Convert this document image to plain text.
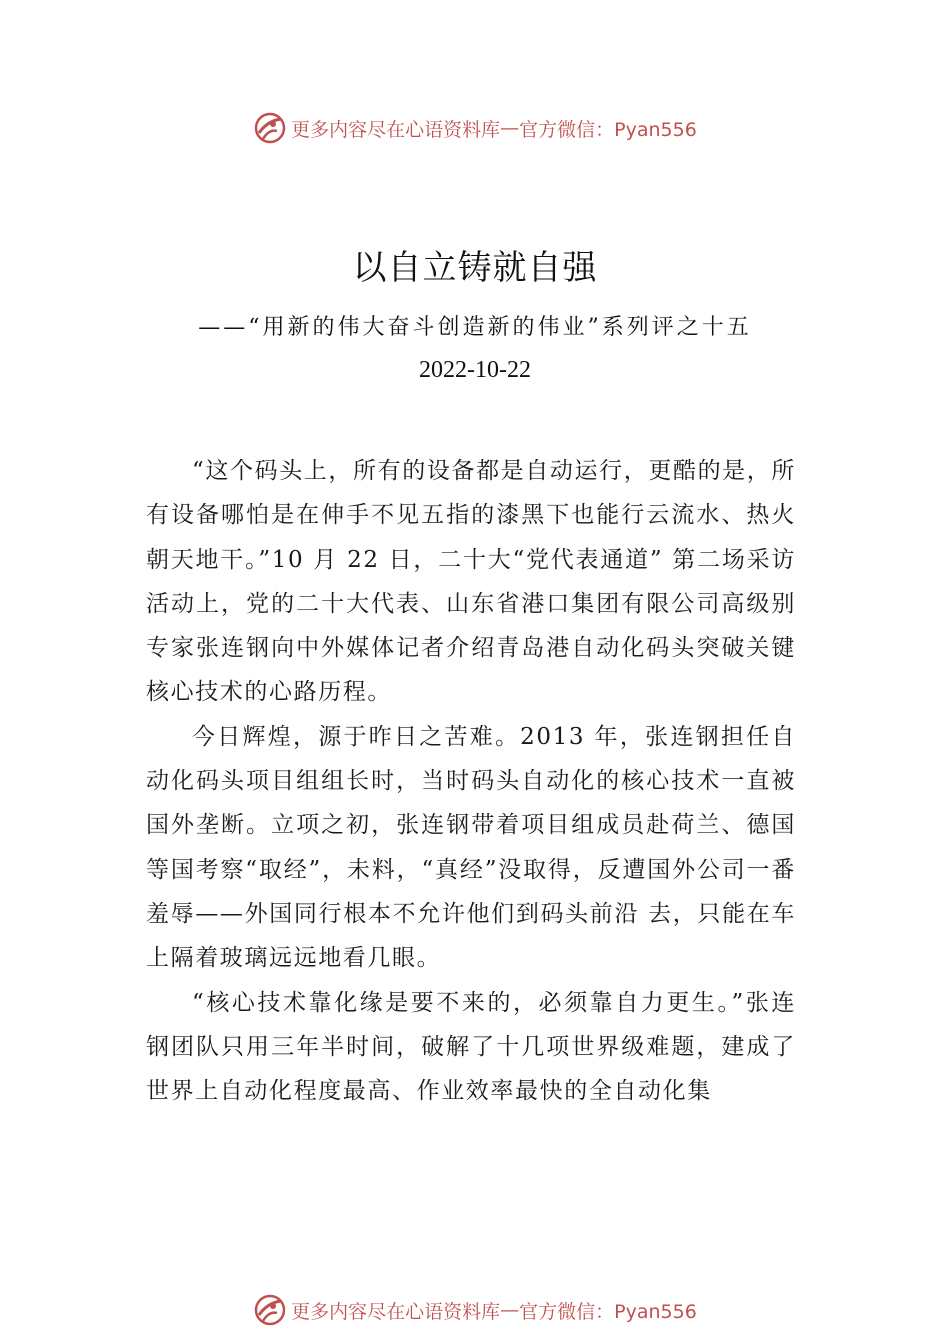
更多内容尽在心语资料库 — 官方微信：Pyan556
以自立铸就自强
——“用新的伟大奋斗创造新的伟业”系列评之十五
2022-10-22

“这个码头上，所有的设备都是自动运行，更酷的是，所有设备哪怕是在伸手不见五指的漆黑下也能行云流水、热火朝天地干。”10 月 22 日，二十大“党代表通道” 第二场采访活动上，党的二十大代表、山东省港口集团有限公司高级别专家张连钢向中外媒体记者介绍青岛港自动化码头突破关键核心技术的心路历程。

今日辉煌，源于昨日之苦难。2013 年，张连钢担任自动化码头项目组组长时，当时码头自动化的核心技术一直被国外垄断。立项之初，张连钢带着项目组成员赴荷兰、德国等国考察“取经”，未料，“真经”没取得，反遭国外公司一番羞辱——外国同行根本不允许他们到码头前沿 去，只能在车上隔着玻璃远远地看几眼。

“核心技术靠化缘是要不来的，必须靠自力更生。”张连钢团队只用三年半时间，破解了十几项世界级难题，建成了世界上自动化程度最高、作业效率最快的全自动化集

更多内容尽在心语资料库 — 官方微信：Pyan556
